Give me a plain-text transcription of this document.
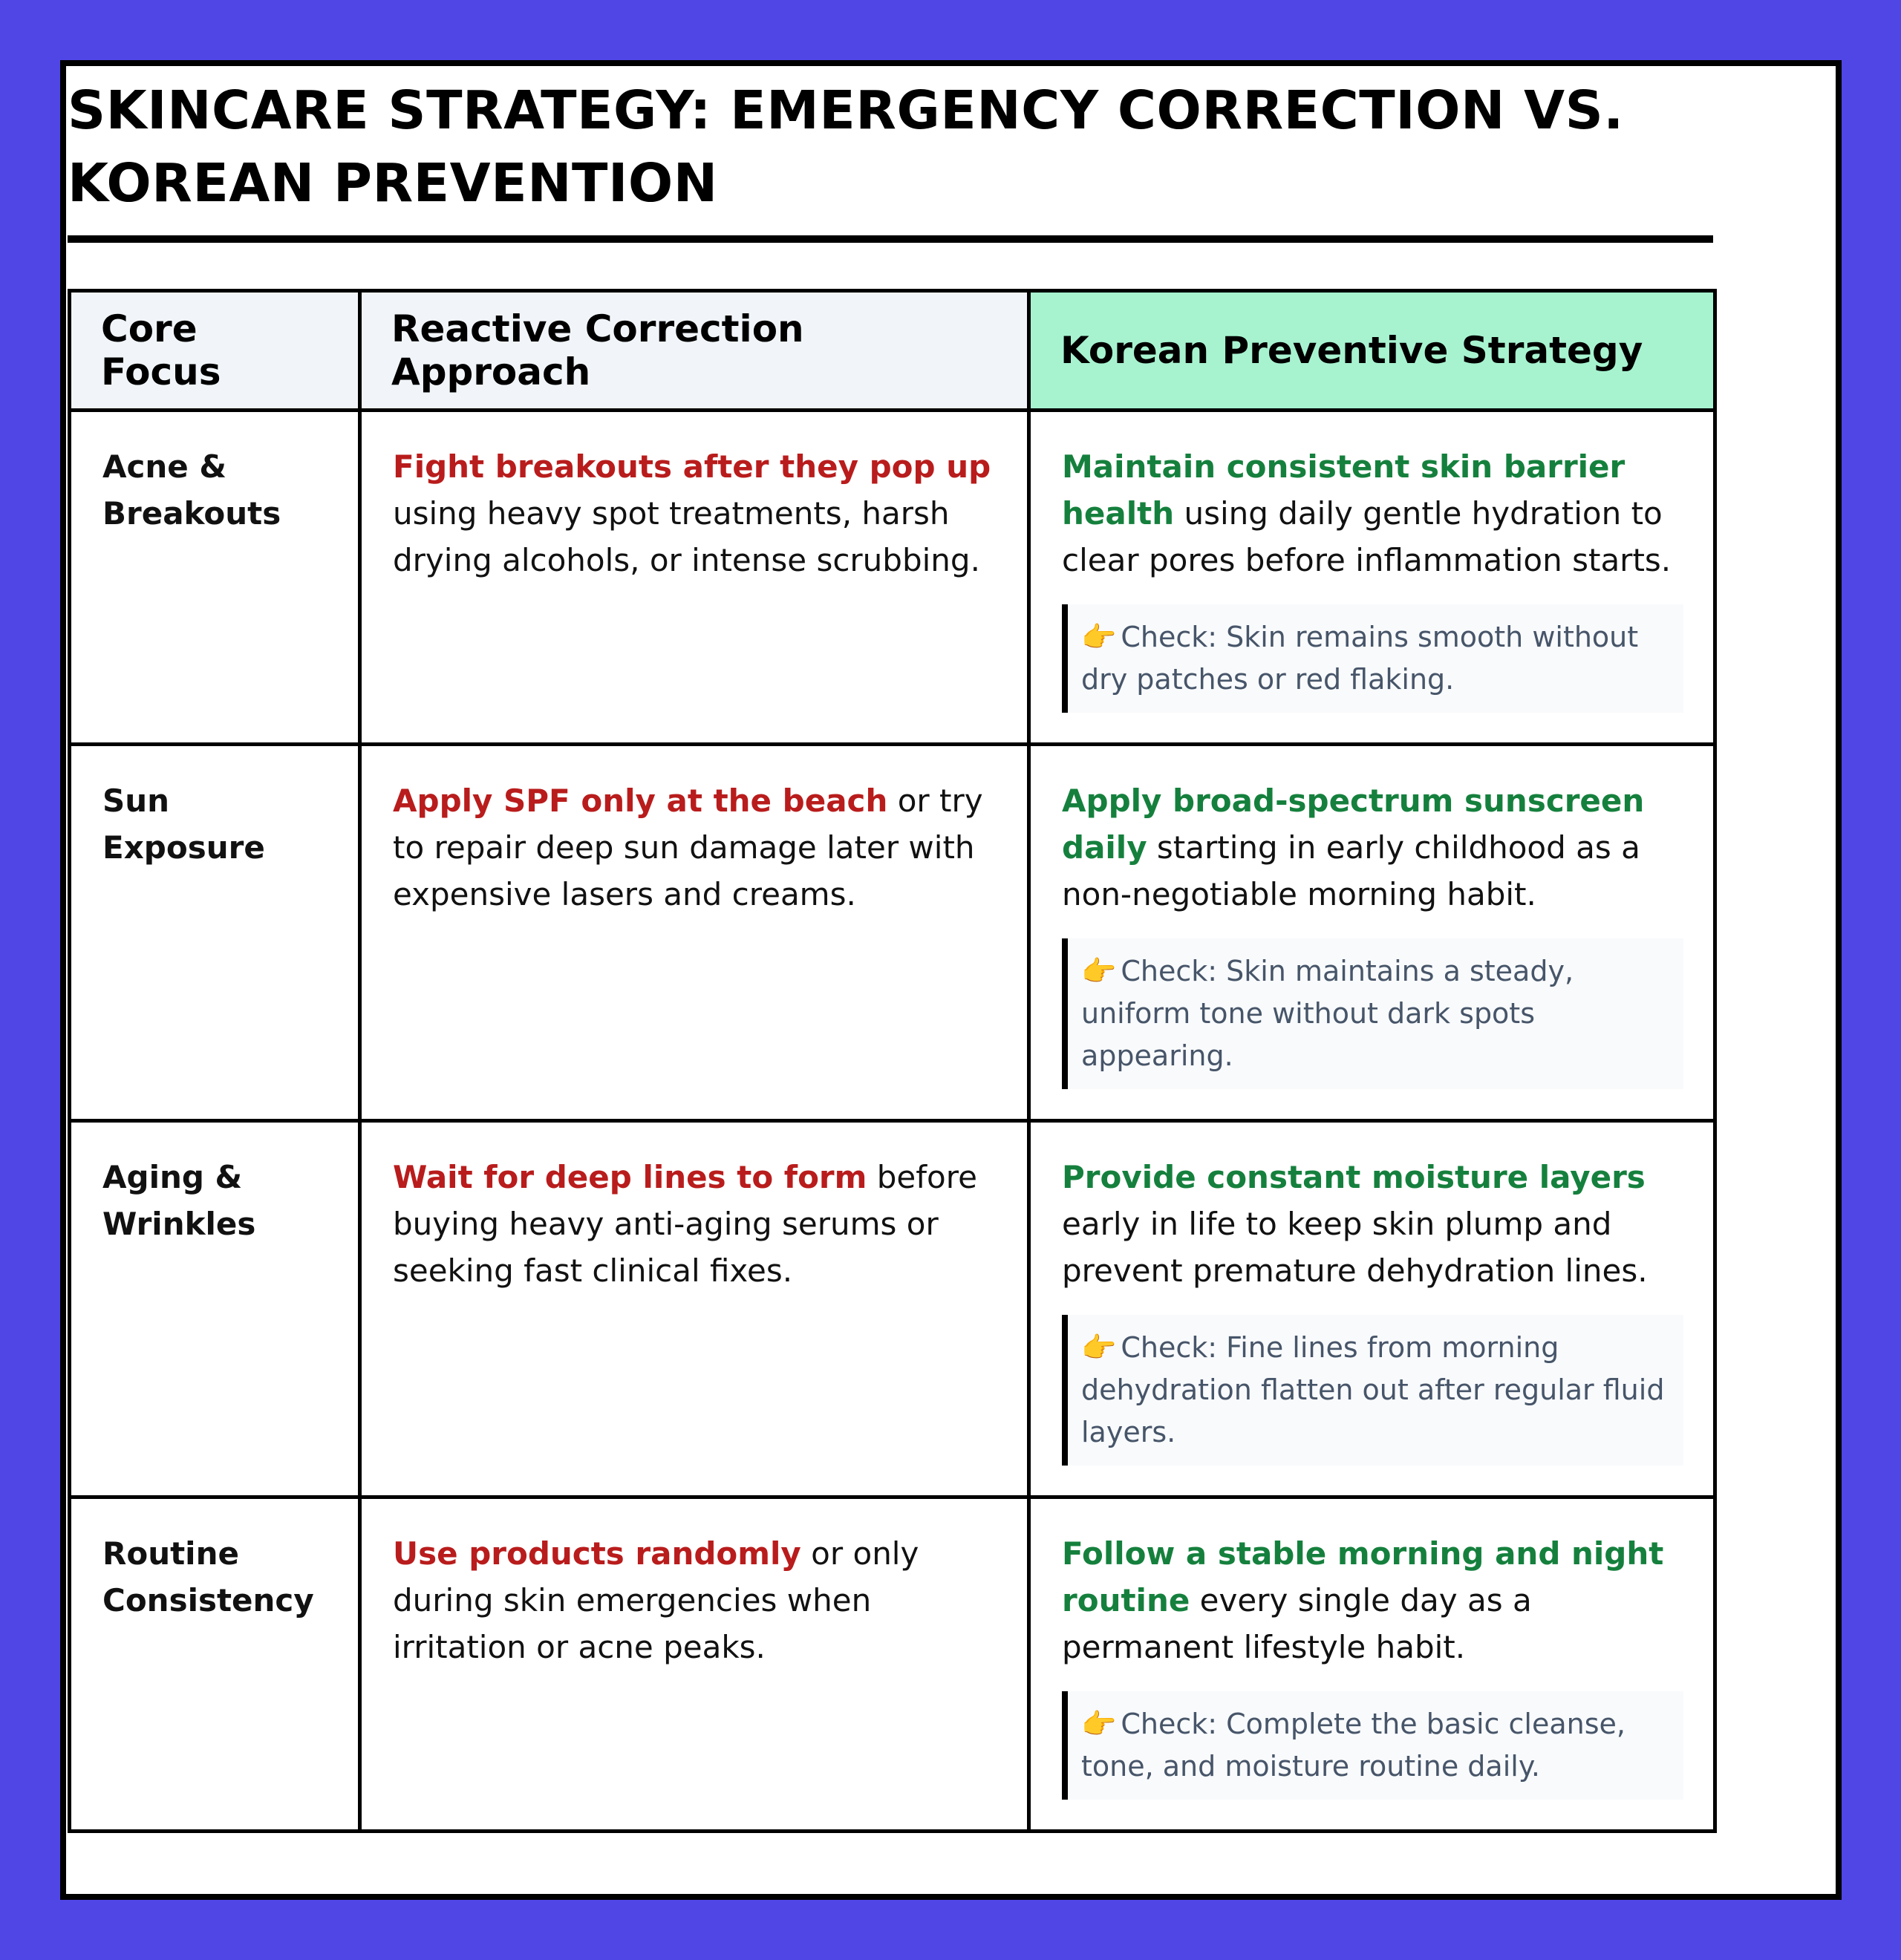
SKINCARE STRATEGY: EMERGENCY CORRECTION VS. KOREAN PREVENTION
Core Focus	Reactive Correction Approach	Korean Preventive Strategy
Acne & Breakouts	Fight breakouts after they pop up using heavy spot treatments, harsh drying alcohols, or intense scrubbing.	Maintain consistent skin barrier health using daily gentle hydration to clear pores before inflammation starts.
👉 Check: Skin remains smooth without dry patches or red flaking.

Sun Exposure	Apply SPF only at the beach or try to repair deep sun damage later with expensive lasers and creams.	Apply broad-spectrum sunscreen daily starting in early childhood as a non-negotiable morning habit.
👉 Check: Skin maintains a steady, uniform tone without dark spots appearing.

Aging & Wrinkles	Wait for deep lines to form before buying heavy anti-aging serums or seeking fast clinical fixes.	Provide constant moisture layers early in life to keep skin plump and prevent premature dehydration lines.
👉 Check: Fine lines from morning dehydration flatten out after regular fluid layers.

Routine Consistency	Use products randomly or only during skin emergencies when irritation or acne peaks.	Follow a stable morning and night routine every single day as a permanent lifestyle habit.
👉 Check: Complete the basic cleanse, tone, and moisture routine daily.
